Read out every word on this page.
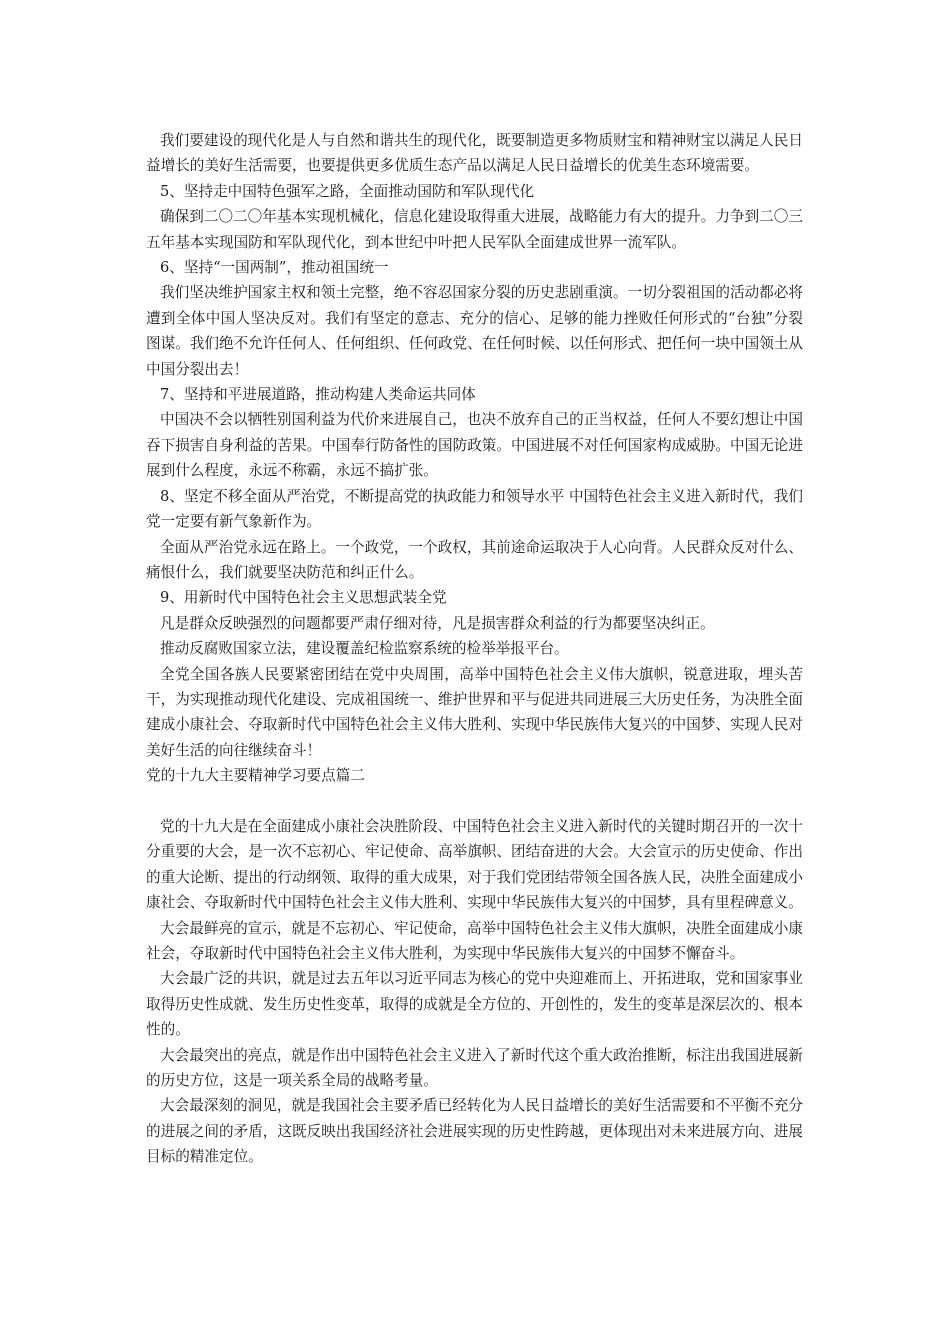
我们要建设的现代化是人与自然和谐共生的现代化，既要制造更多物质财宝和精神财宝以满足人民日益增长的美好生活需要，也要提供更多优质生态产品以满足人民日益增长的优美生态环境需要。

5、坚持走中国特色强军之路，全面推动国防和军队现代化

确保到二〇二〇年基本实现机械化，信息化建设取得重大进展，战略能力有大的提升。力争到二〇三五年基本实现国防和军队现代化，到本世纪中叶把人民军队全面建成世界一流军队。

6、坚持“一国两制”，推动祖国统一

我们坚决维护国家主权和领土完整，绝不容忍国家分裂的历史悲剧重演。一切分裂祖国的活动都必将遭到全体中国人坚决反对。我们有坚定的意志、充分的信心、足够的能力挫败任何形式的“台独”分裂图谋。我们绝不允许任何人、任何组织、任何政党、在任何时候、以任何形式、把任何一块中国领土从中国分裂出去！

7、坚持和平进展道路，推动构建人类命运共同体

中国决不会以牺牲别国利益为代价来进展自己，也决不放弃自己的正当权益，任何人不要幻想让中国吞下损害自身利益的苦果。中国奉行防备性的国防政策。中国进展不对任何国家构成威胁。中国无论进展到什么程度，永远不称霸，永远不搞扩张。

8、坚定不移全面从严治党，不断提高党的执政能力和领导水平 中国特色社会主义进入新时代，我们党一定要有新气象新作为。

全面从严治党永远在路上。一个政党，一个政权，其前途命运取决于人心向背。人民群众反对什么、痛恨什么，我们就要坚决防范和纠正什么。

9、用新时代中国特色社会主义思想武装全党

凡是群众反映强烈的问题都要严肃仔细对待，凡是损害群众利益的行为都要坚决纠正。

推动反腐败国家立法，建设覆盖纪检监察系统的检举举报平台。

全党全国各族人民要紧密团结在党中央周围，高举中国特色社会主义伟大旗帜，锐意进取，埋头苦干，为实现推动现代化建设、完成祖国统一、维护世界和平与促进共同进展三大历史任务，为决胜全面建成小康社会、夺取新时代中国特色社会主义伟大胜利、实现中华民族伟大复兴的中国梦、实现人民对美好生活的向往继续奋斗！

党的十九大主要精神学习要点篇二

党的十九大是在全面建成小康社会决胜阶段、中国特色社会主义进入新时代的关键时期召开的一次十分重要的大会，是一次不忘初心、牢记使命、高举旗帜、团结奋进的大会。大会宣示的历史使命、作出的重大论断、提出的行动纲领、取得的重大成果，对于我们党团结带领全国各族人民，决胜全面建成小康社会、夺取新时代中国特色社会主义伟大胜利、实现中华民族伟大复兴的中国梦，具有里程碑意义。

大会最鲜亮的宣示，就是不忘初心、牢记使命，高举中国特色社会主义伟大旗帜，决胜全面建成小康社会，夺取新时代中国特色社会主义伟大胜利，为实现中华民族伟大复兴的中国梦不懈奋斗。

大会最广泛的共识，就是过去五年以习近平同志为核心的党中央迎难而上、开拓进取，党和国家事业取得历史性成就、发生历史性变革，取得的成就是全方位的、开创性的，发生的变革是深层次的、根本性的。

大会最突出的亮点，就是作出中国特色社会主义进入了新时代这个重大政治推断，标注出我国进展新的历史方位，这是一项关系全局的战略考量。

大会最深刻的洞见，就是我国社会主要矛盾已经转化为人民日益增长的美好生活需要和不平衡不充分的进展之间的矛盾，这既反映出我国经济社会进展实现的历史性跨越，更体现出对未来进展方向、进展目标的精准定位。
